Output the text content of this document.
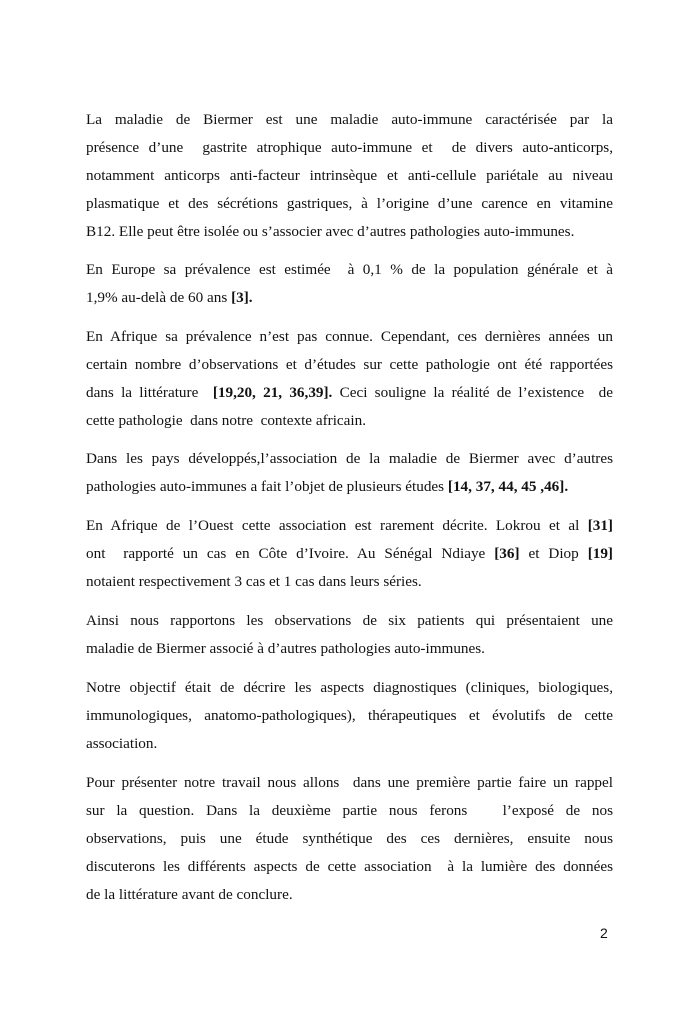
La maladie de Biermer est une maladie auto-immune caractérisée par la
présence d’une  gastrite atrophique auto-immune et  de divers auto-anticorps,
notamment anticorps anti-facteur intrinsèque et anti-cellule pariétale au niveau
plasmatique et des sécrétions gastriques, à l’origine d’une carence en vitamine
B12. Elle peut être isolée ou s’associer avec d’autres pathologies auto-immunes.
En Europe sa prévalence est estimée  à 0,1 % de la population générale et à
1,9% au-delà de 60 ans [3].
En Afrique sa prévalence n’est pas connue. Cependant, ces dernières années un
certain nombre d’observations et d’études sur cette pathologie ont été rapportées
dans la littérature  [19,20, 21, 36,39]. Ceci souligne la réalité de l’existence  de
cette pathologie  dans notre  contexte africain.
Dans les pays développés,l’association de la maladie de Biermer avec d’autres
pathologies auto-immunes a fait l’objet de plusieurs études [14, 37, 44, 45 ,46].
En Afrique de l’Ouest cette association est rarement décrite. Lokrou et al [31]
ont  rapporté un cas en Côte d’Ivoire. Au Sénégal Ndiaye [36] et Diop [19]
notaient respectivement 3 cas et 1 cas dans leurs séries.
Ainsi nous rapportons les observations de six patients qui présentaient une
maladie de Biermer associé à d’autres pathologies auto-immunes.
Notre objectif était de décrire les aspects diagnostiques (cliniques, biologiques,
immunologiques, anatomo-pathologiques), thérapeutiques et évolutifs de cette
association.
Pour présenter notre travail nous allons  dans une première partie faire un rappel
sur la question. Dans la deuxième partie nous ferons   l’exposé de nos
observations, puis une étude synthétique des ces dernières, ensuite nous
discuterons les différents aspects de cette association  à la lumière des données
de la littérature avant de conclure.
2
